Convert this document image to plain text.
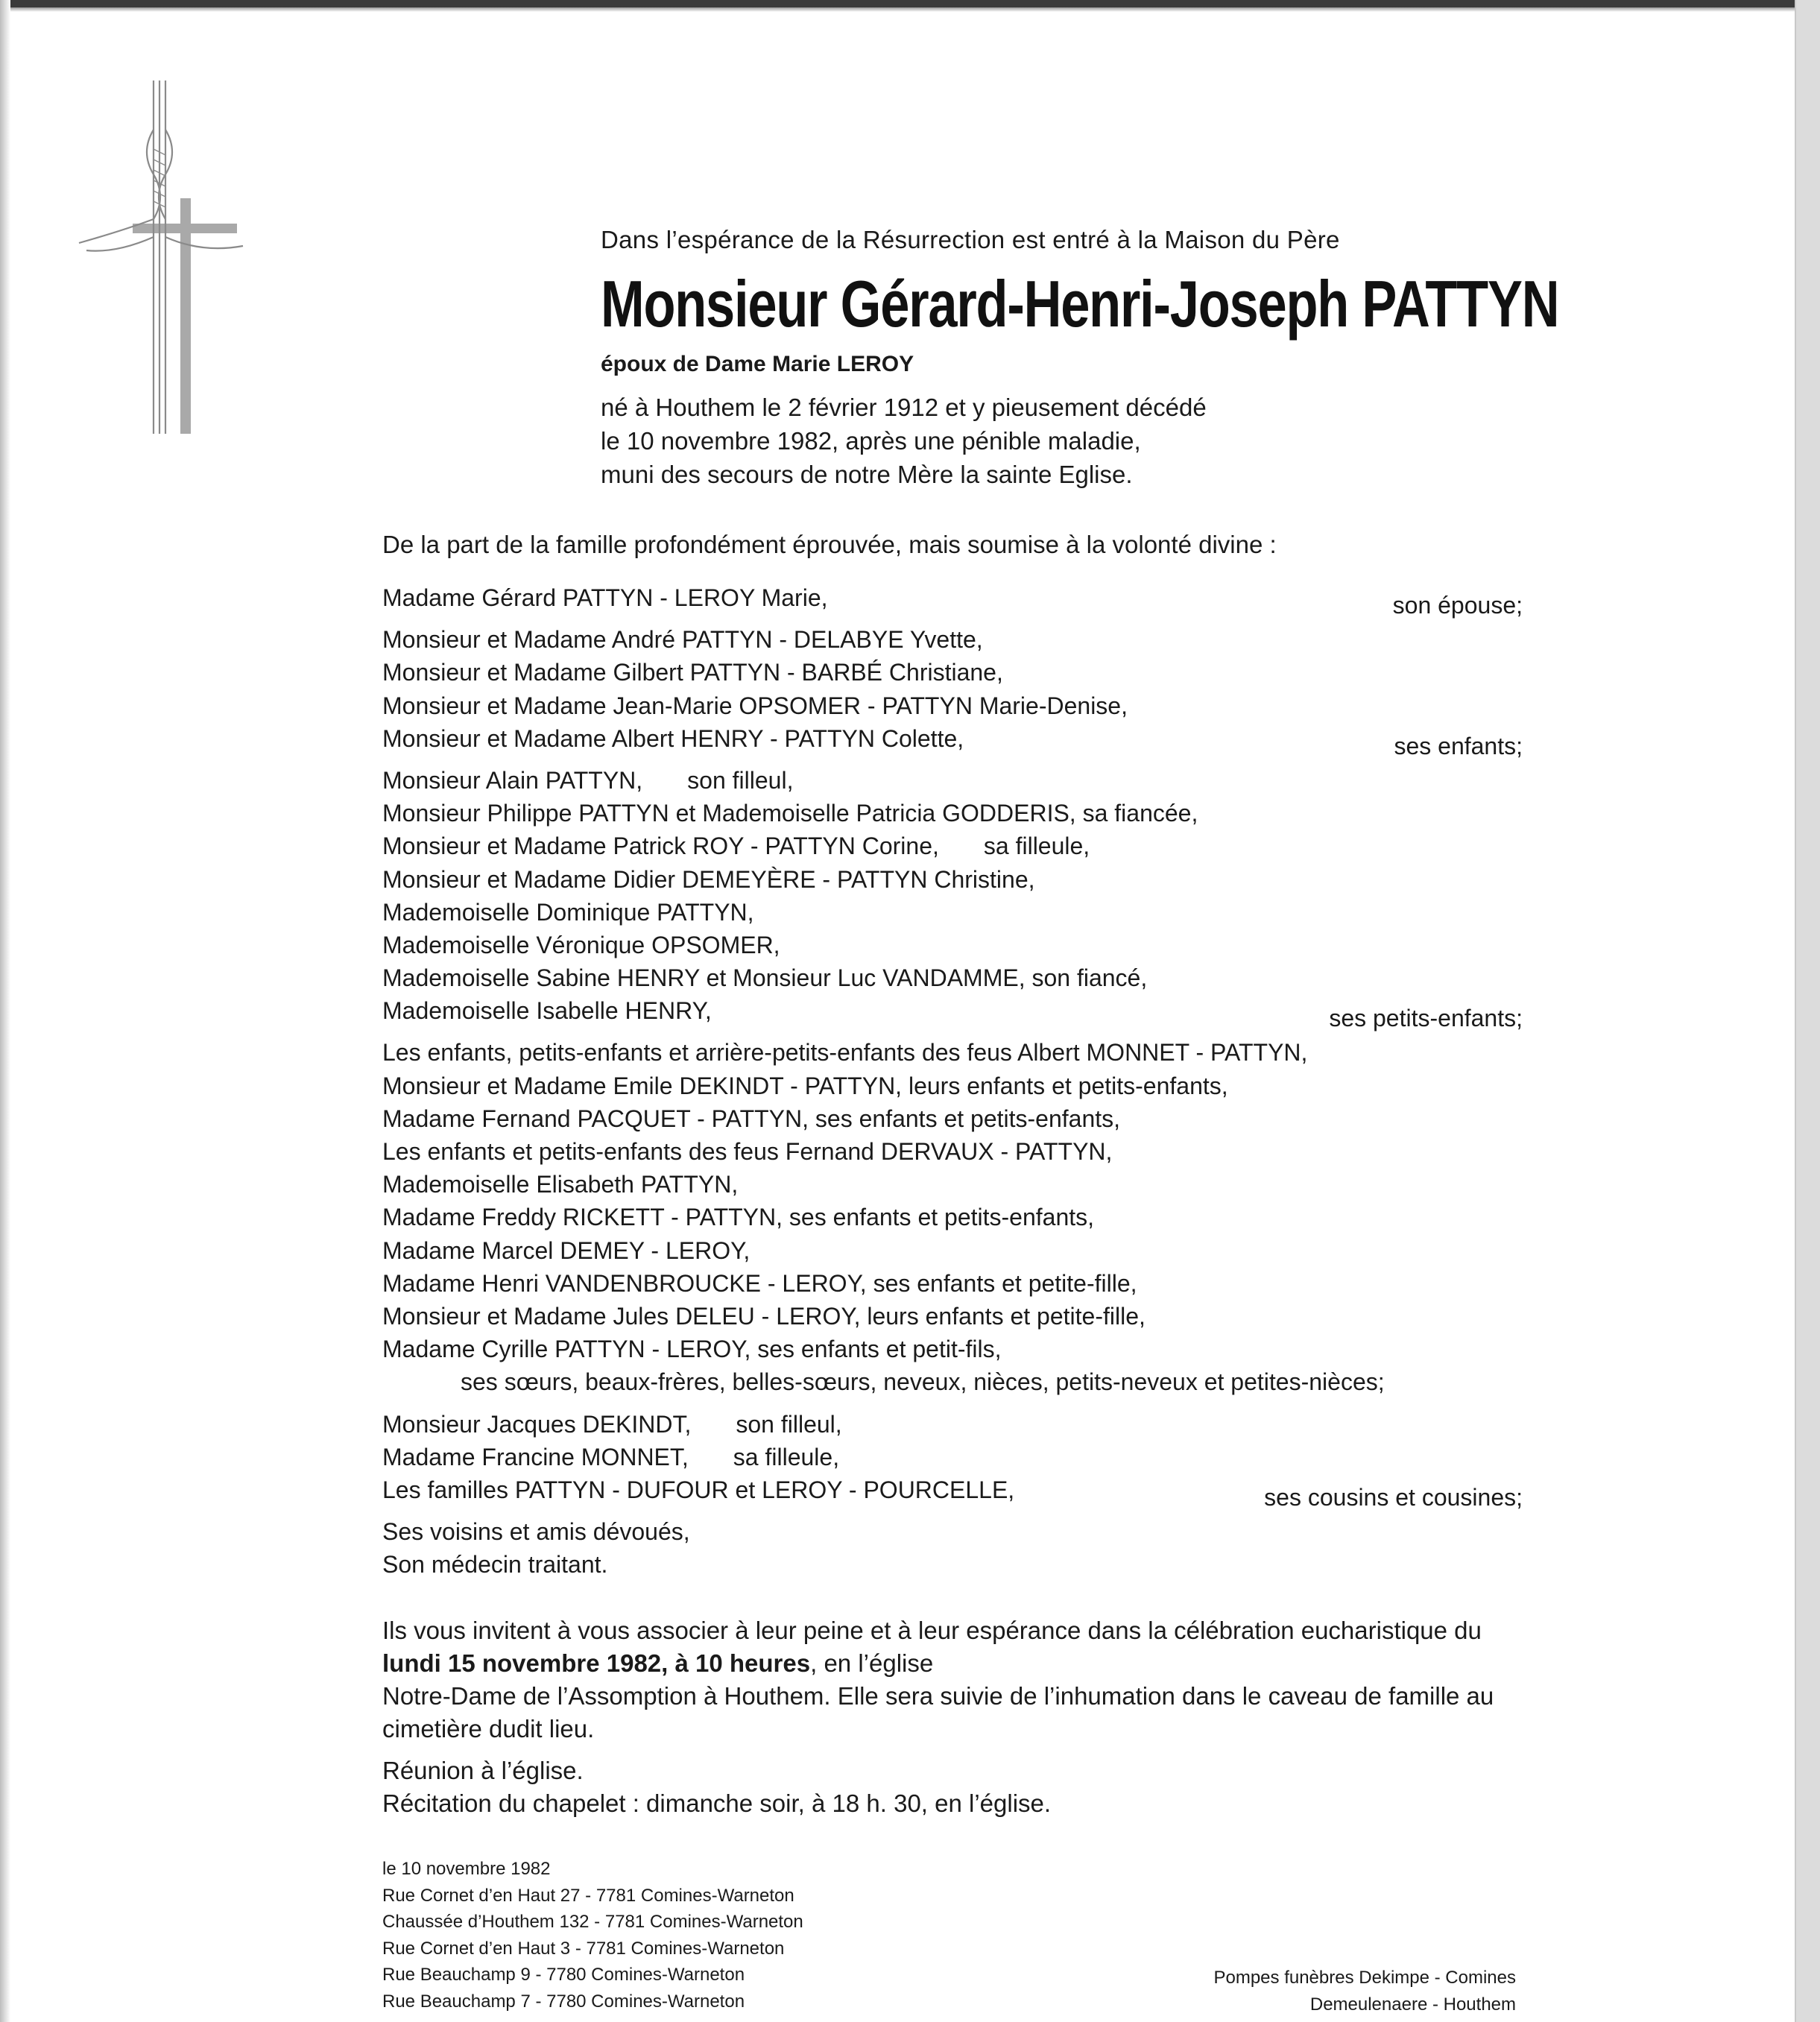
Dans l’espérance de la Résurrection est entré à la Maison du Père
Monsieur Gérard-Henri-Joseph PATTYN
époux de Dame Marie LEROY
né à Houthem le 2 février 1912 et y pieusement décédé
le 10 novembre 1982, après une pénible maladie,
muni des secours de notre Mère la sainte Eglise.
De la part de la famille profondément éprouvée, mais soumise à la volonté divine :
Madame Gérard PATTYN - LEROY Marie,	son épouse;
Monsieur et Madame André PATTYN - DELABYE Yvette,
Monsieur et Madame Gilbert PATTYN - BARBÉ Christiane,
Monsieur et Madame Jean-Marie OPSOMER - PATTYN Marie-Denise,
Monsieur et Madame Albert HENRY - PATTYN Colette,	ses enfants;
Monsieur Alain PATTYN, son filleul,
Monsieur Philippe PATTYN et Mademoiselle Patricia GODDERIS, sa fiancée,
Monsieur et Madame Patrick ROY - PATTYN Corine, sa filleule,
Monsieur et Madame Didier DEMEYÈRE - PATTYN Christine,
Mademoiselle Dominique PATTYN,
Mademoiselle Véronique OPSOMER,
Mademoiselle Sabine HENRY et Monsieur Luc VANDAMME, son fiancé,
Mademoiselle Isabelle HENRY,	ses petits-enfants;
Les enfants, petits-enfants et arrière-petits-enfants des feus Albert MONNET - PATTYN,
Monsieur et Madame Emile DEKINDT - PATTYN, leurs enfants et petits-enfants,
Madame Fernand PACQUET - PATTYN, ses enfants et petits-enfants,
Les enfants et petits-enfants des feus Fernand DERVAUX - PATTYN,
Mademoiselle Elisabeth PATTYN,
Madame Freddy RICKETT - PATTYN, ses enfants et petits-enfants,
Madame Marcel DEMEY - LEROY,
Madame Henri VANDENBROUCKE - LEROY, ses enfants et petite-fille,
Monsieur et Madame Jules DELEU - LEROY, leurs enfants et petite-fille,
Madame Cyrille PATTYN - LEROY, ses enfants et petit-fils,
ses sœurs, beaux-frères, belles-sœurs, neveux, nièces, petits-neveux et petites-nièces;
Monsieur Jacques DEKINDT, son filleul,
Madame Francine MONNET, sa filleule,
Les familles PATTYN - DUFOUR et LEROY - POURCELLE,	ses cousins et cousines;
Ses voisins et amis dévoués,
Son médecin traitant.

Ils vous invitent à vous associer à leur peine et à leur espérance dans la célébration eucharistique du lundi 15 novembre 1982, à 10 heures, en l’église
Notre-Dame de l’Assomption à Houthem. Elle sera suivie de l’inhumation dans le caveau de famille au cimetière dudit lieu.

Réunion à l’église.

Récitation du chapelet : dimanche soir, à 18 h. 30, en l’église.

le 10 novembre 1982
Rue Cornet d’en Haut 27 - 7781 Comines-Warneton
Chaussée d’Houthem 132 - 7781 Comines-Warneton
Rue Cornet d’en Haut 3 - 7781 Comines-Warneton
Rue Beauchamp 9 - 7780 Comines-Warneton
Rue Beauchamp 7 - 7780 Comines-Warneton
Pompes funèbres Dekimpe - Comines
Demeulenaere - Houthem
